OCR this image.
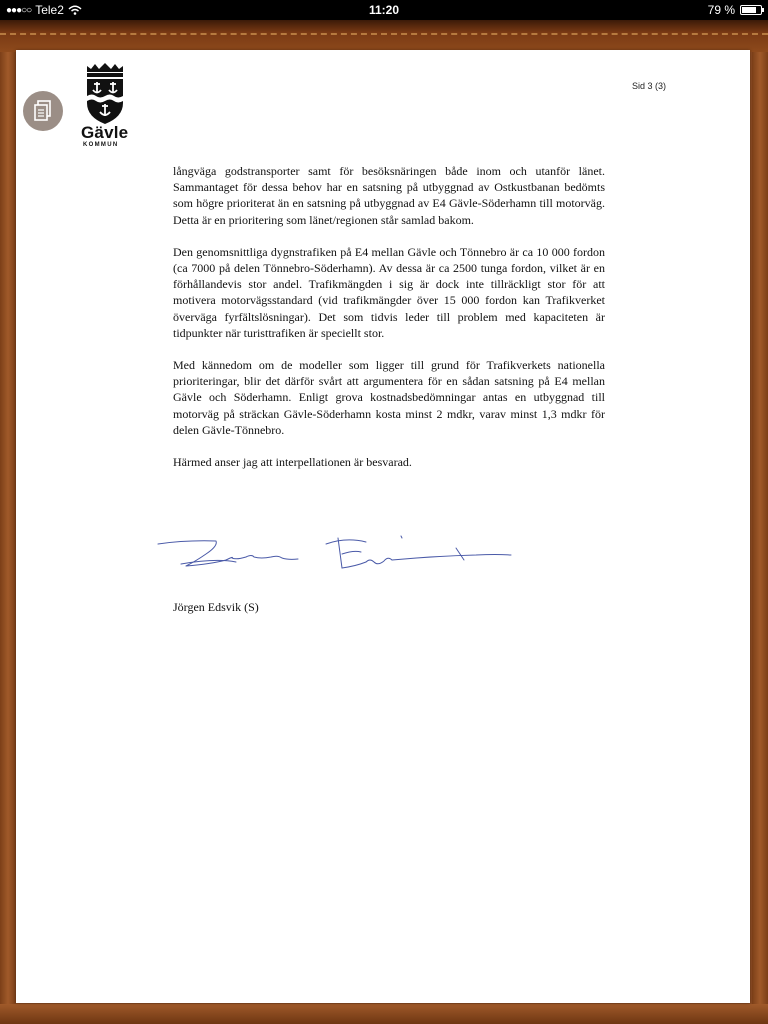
●●●○○ Tele2	11:20	79 %
Gävle
KOMMUN
Sid 3 (3)

långväga godstransporter samt för besöksnäringen både inom och utanför länet. Sammantaget för dessa behov har en satsning på utbyggnad av Ostkustbanan bedömts som högre prioriterat än en satsning på utbyggnad av E4 Gävle-Söderhamn till motorväg. Detta är en prioritering som länet/regionen står samlad bakom.

Den genomsnittliga dygnstrafiken på E4 mellan Gävle och Tönnebro är ca 10 000 fordon (ca 7000 på delen Tönnebro-Söderhamn). Av dessa är ca 2500 tunga fordon, vilket är en förhållandevis stor andel. Trafikmängden i sig är dock inte tillräckligt stor för att motivera motorvägsstandard (vid trafikmängder över 15 000 fordon kan Trafikverket överväga fyrfältslösningar). Det som tidvis leder till problem med kapaciteten är tidpunkter när turisttrafiken är speciellt stor.

Med kännedom om de modeller som ligger till grund för Trafikverkets nationella prioriteringar, blir det därför svårt att argumentera för en sådan satsning på E4 mellan Gävle och Söderhamn. Enligt grova kostnadsbedömningar antas en utbyggnad till motorväg på sträckan Gävle-Söderhamn kosta minst 2 mdkr, varav minst 1,3 mdkr för delen Gävle-Tönnebro.

Härmed anser jag att interpellationen är besvarad.

Jörgen Edsvik (S)
